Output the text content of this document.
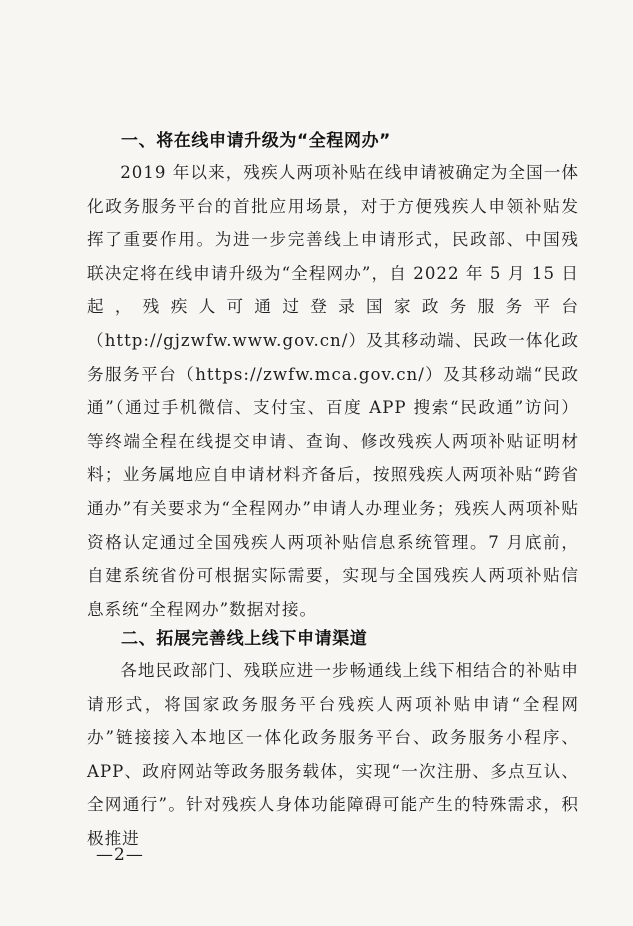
一、将在线申请升级为“全程网办”

2019 年以来，残疾人两项补贴在线申请被确定为全国一体化政务服务平台的首批应用场景，对于方便残疾人申领补贴发挥了重要作用。为进一步完善线上申请形式，民政部、中国残联决定将在线申请升级为“全程网办”，自 2022 年 5 月 15 日起，残疾人可通过登录国家政务服务平台（http://gjzwfw.www.gov.cn/）及其移动端、民政一体化政务服务平台（https://zwfw.mca.gov.cn/）及其移动端“民政通”（通过手机微信、支付宝、百度 APP 搜索“民政通”访问）等终端全程在线提交申请、查询、修改残疾人两项补贴证明材料；业务属地应自申请材料齐备后，按照残疾人两项补贴“跨省通办”有关要求为“全程网办”申请人办理业务；残疾人两项补贴资格认定通过全国残疾人两项补贴信息系统管理。7 月底前，自建系统省份可根据实际需要，实现与全国残疾人两项补贴信息系统“全程网办”数据对接。

二、拓展完善线上线下申请渠道

各地民政部门、残联应进一步畅通线上线下相结合的补贴申请形式，将国家政务服务平台残疾人两项补贴申请“全程网办”链接接入本地区一体化政务服务平台、政务服务小程序、APP、政府网站等政务服务载体，实现“一次注册、多点互认、全网通行”。针对残疾人身体功能障碍可能产生的特殊需求，积极推进

—2—
